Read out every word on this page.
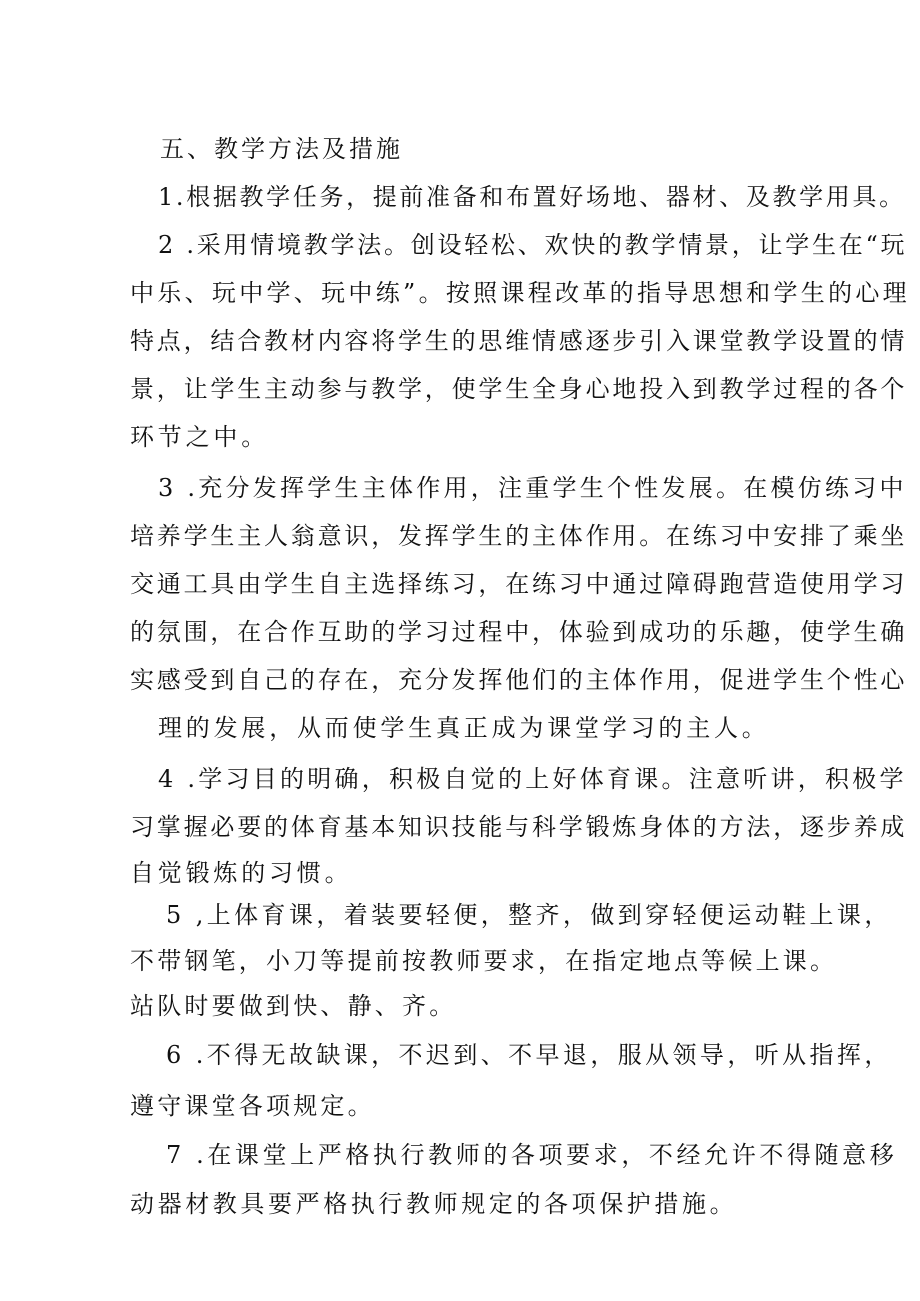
五、教学方法及措施
1.根据教学任务，提前准备和布置好场地、器材、及教学用具。
2 .采用情境教学法。创设轻松、欢快的教学情景，让学生在“玩
中乐、玩中学、玩中练”。按照课程改革的指导思想和学生的心理
特点，结合教材内容将学生的思维情感逐步引入课堂教学设置的情
景，让学生主动参与教学，使学生全身心地投入到教学过程的各个
环节之中。
3 .充分发挥学生主体作用，注重学生个性发展。在模仿练习中
培养学生主人翁意识，发挥学生的主体作用。在练习中安排了乘坐
交通工具由学生自主选择练习，在练习中通过障碍跑营造使用学习
的氛围，在合作互助的学习过程中，体验到成功的乐趣，使学生确
实感受到自己的存在，充分发挥他们的主体作用，促进学生个性心
理的发展，从而使学生真正成为课堂学习的主人。
4 .学习目的明确，积极自觉的上好体育课。注意听讲，积极学
习掌握必要的体育基本知识技能与科学锻炼身体的方法，逐步养成
自觉锻炼的习惯。
5 ,上体育课，着装要轻便，整齐，做到穿轻便运动鞋上课，
不带钢笔，小刀等提前按教师要求，在指定地点等候上课。
站队时要做到快、静、齐。
6 .不得无故缺课，不迟到、不早退，服从领导，听从指挥，
遵守课堂各项规定。
7 .在课堂上严格执行教师的各项要求，不经允许不得随意移
动器材教具要严格执行教师规定的各项保护措施。
